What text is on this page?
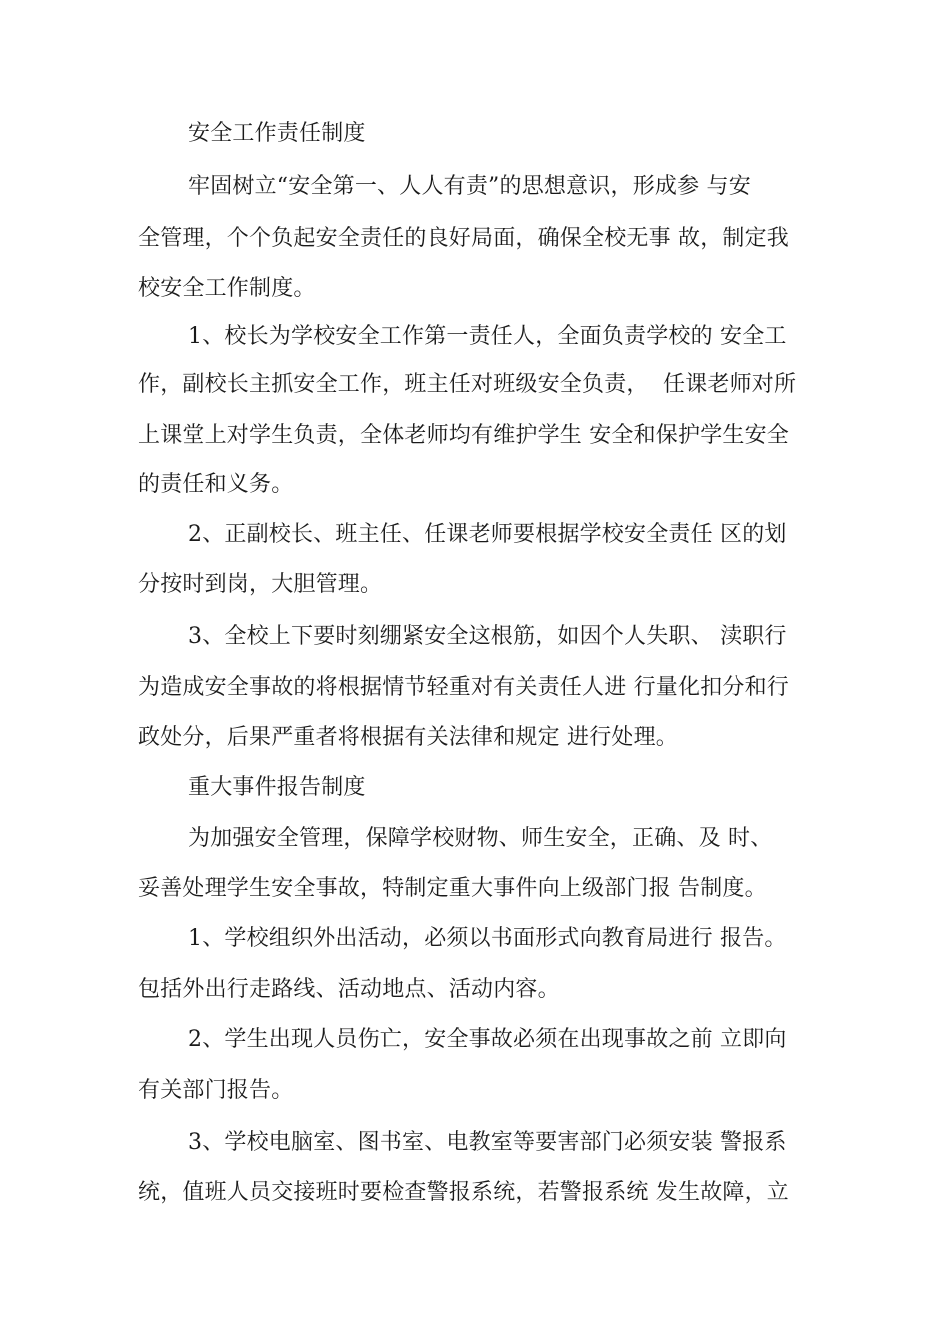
安全工作责任制度
牢固树立“安全第一、人人有责”的思想意识，形成参 与安
全管理，个个负起安全责任的良好局面，确保全校无事 故，制定我
校安全工作制度。
1、校长为学校安全工作第一责任人，全面负责学校的 安全工
作，副校长主抓安全工作，班主任对班级安全负责，  任课老师对所
上课堂上对学生负责，全体老师均有维护学生 安全和保护学生安全
的责任和义务。
2、正副校长、班主任、任课老师要根据学校安全责任 区的划
分按时到岗，大胆管理。
3、全校上下要时刻绷紧安全这根筋，如因个人失职、 渎职行
为造成安全事故的将根据情节轻重对有关责任人进 行量化扣分和行
政处分，后果严重者将根据有关法律和规定 进行处理。
重大事件报告制度
为加强安全管理，保障学校财物、师生安全，正确、及 时、
妥善处理学生安全事故，特制定重大事件向上级部门报 告制度。
1、学校组织外出活动，必须以书面形式向教育局进行 报告。
包括外出行走路线、活动地点、活动内容。
2、学生出现人员伤亡，安全事故必须在出现事故之前 立即向
有关部门报告。
3、学校电脑室、图书室、电教室等要害部门必须安装 警报系
统，值班人员交接班时要检查警报系统，若警报系统 发生故障，立
